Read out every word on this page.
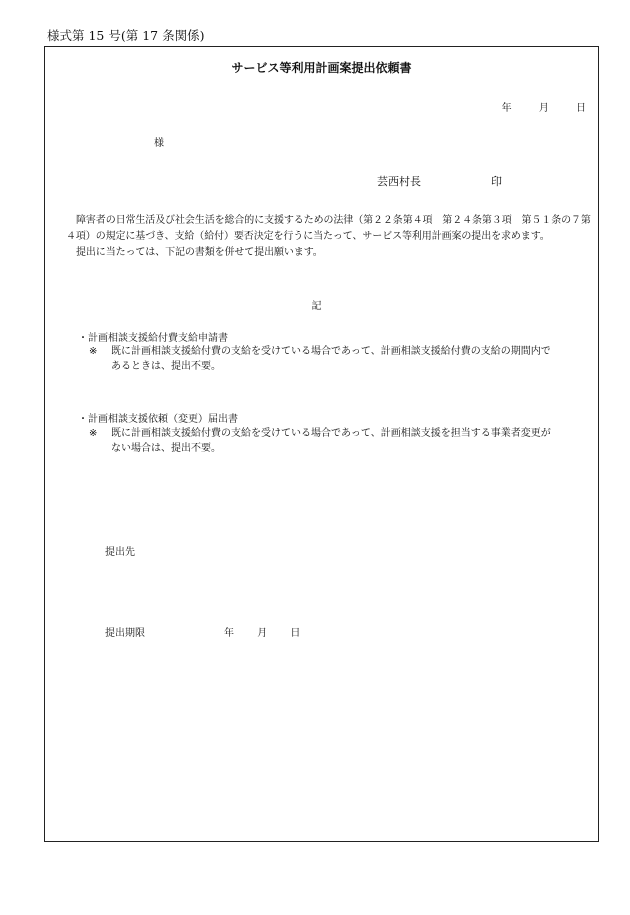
様式第 15 号(第 17 条関係)
サービス等利用計画案提出依頼書
年	月	日
様
芸西村長	印

障害者の日常生活及び社会生活を総合的に支援するための法律（第２２条第４項　第２４条第３項　第５１条の７第４項）の規定に基づき、支給（給付）要否決定を行うに当たって、サービス等利用計画案の提出を求めます。

提出に当たっては、下記の書類を併せて提出願います。

記
・計画相談支援給付費支給申請書
※	既に計画相談支援給付費の支給を受けている場合であって、計画相談支援給付費の支給の期間内であるときは、提出不要。
・計画相談支援依頼（変更）届出書
※	既に計画相談支援給付費の支給を受けている場合であって、計画相談支援を担当する事業者変更がない場合は、提出不要。
提出先
提出期限	年 月 日
